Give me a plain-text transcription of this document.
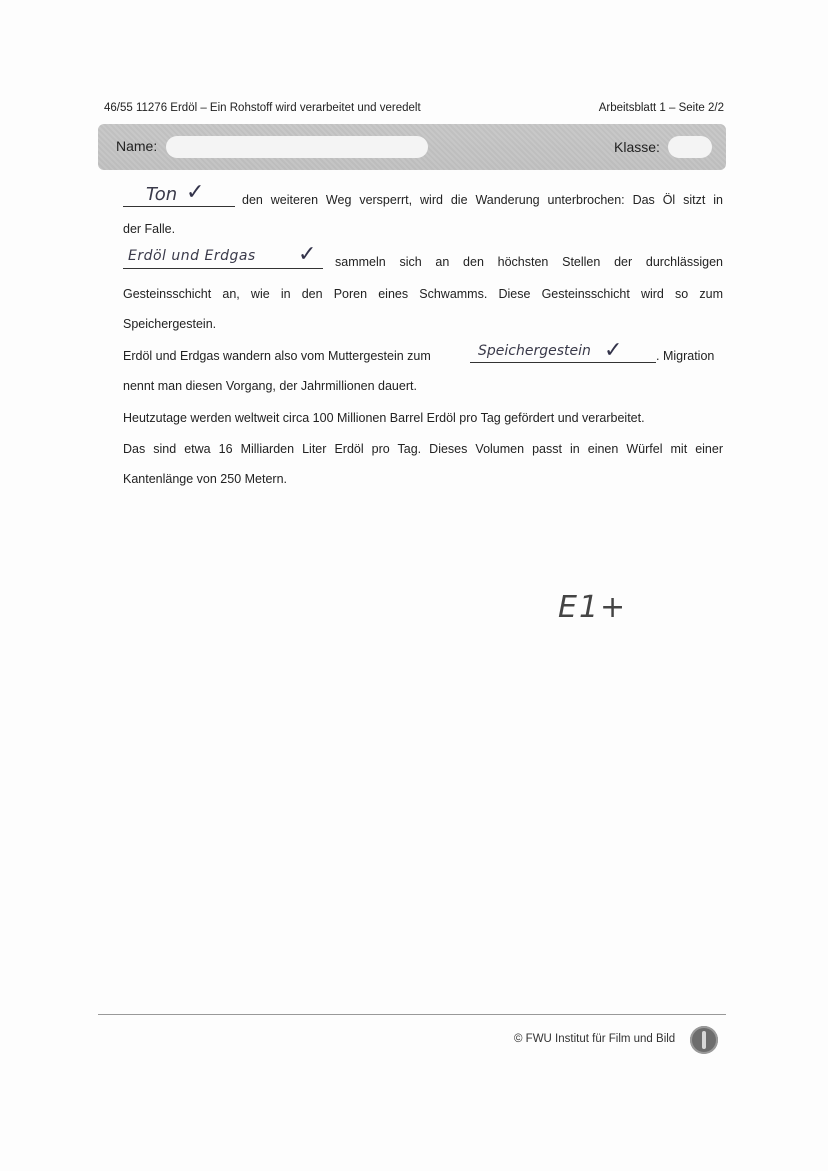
46/55 11276 Erdöl – Ein Rohstoff wird verarbeitet und veredelt	Arbeitsblatt 1 – Seite 2/2
Name:	Klasse:
Ton ✓	den weiteren Weg versperrt, wird die Wanderung unterbrochen: Das Öl sitzt in
der Falle.
Erdöl und Erdgas ✓ sammeln sich an den höchsten Stellen der durchlässigen
Gesteinsschicht an, wie in den Poren eines Schwamms. Diese Gesteinsschicht wird so zum
Speichergestein.
Erdöl und Erdgas wandern also vom Muttergestein zum	Speichergestein ✓	. Migration
nennt man diesen Vorgang, der Jahrmillionen dauert.
Heutzutage werden weltweit circa 100 Millionen Barrel Erdöl pro Tag gefördert und verarbeitet.
Das sind etwa 16 Milliarden Liter Erdöl pro Tag. Dieses Volumen passt in einen Würfel mit einer
Kantenlänge von 250 Metern.
E1+
© FWU Institut für Film und Bild
